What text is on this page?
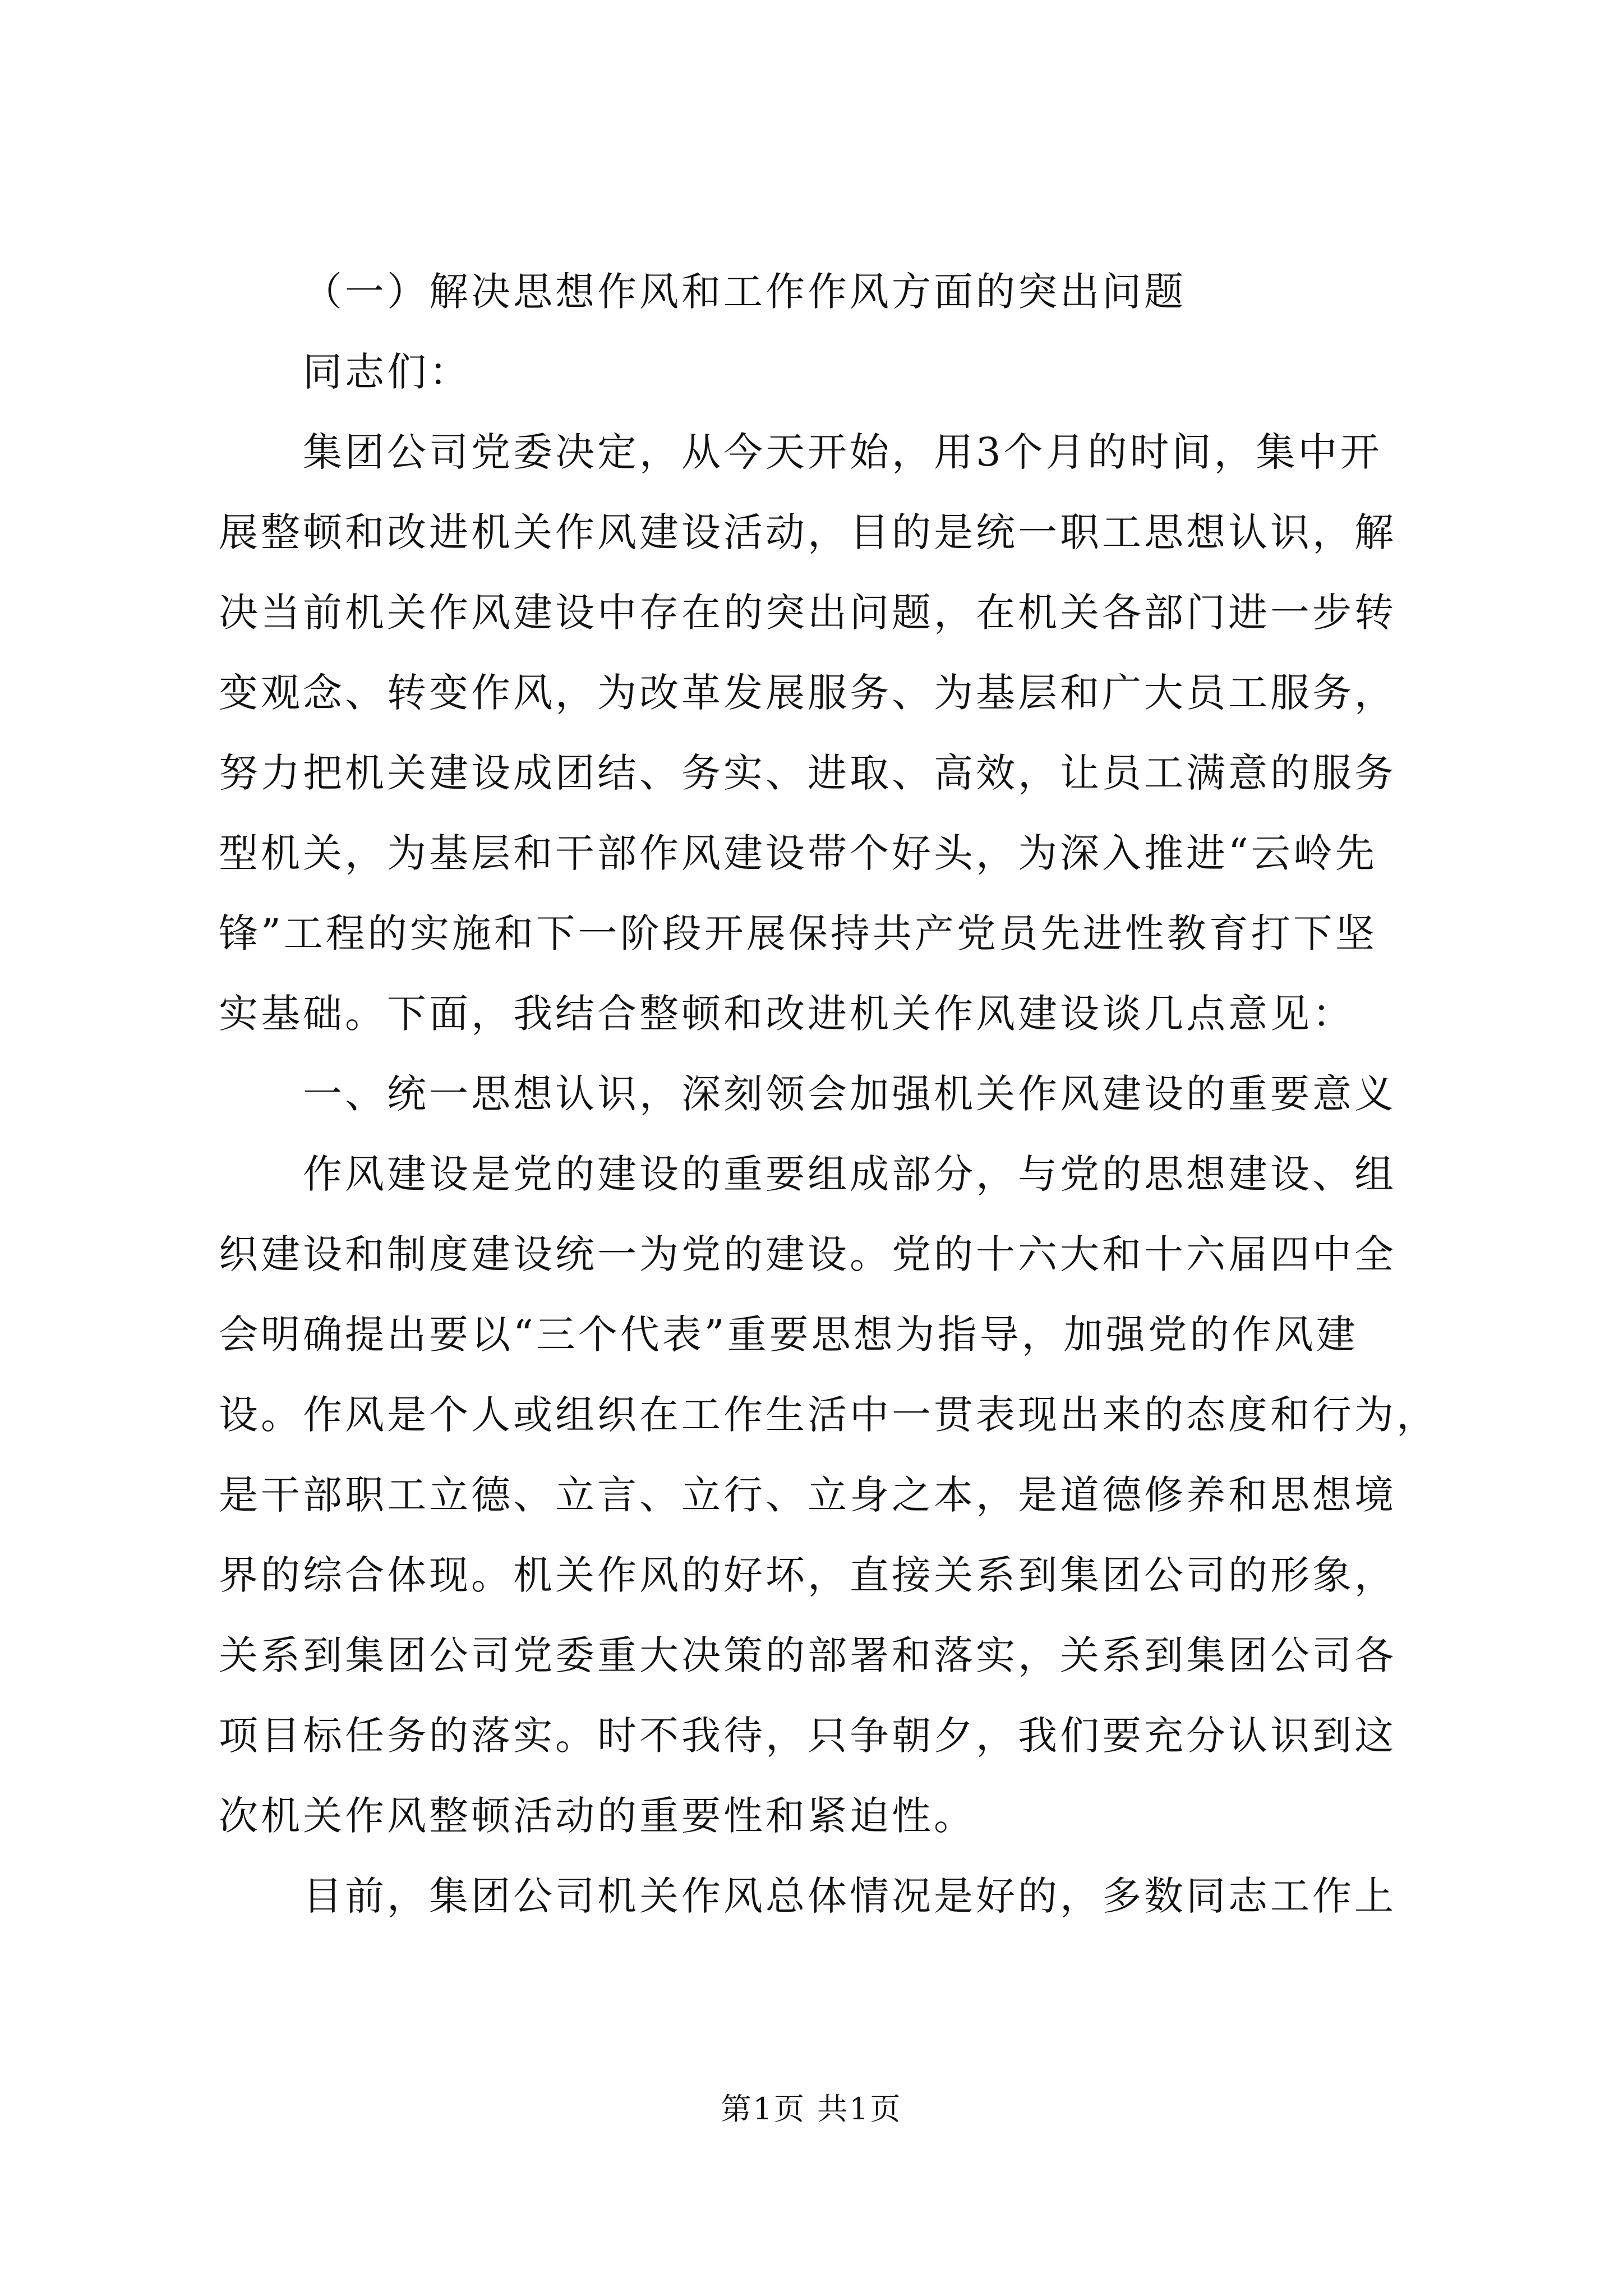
（一）解决思想作风和工作作风方面的突出问题

同志们：

集团公司党委决定，从今天开始，用3个月的时间，集中开

展整顿和改进机关作风建设活动，目的是统一职工思想认识，解

决当前机关作风建设中存在的突出问题，在机关各部门进一步转

变观念、转变作风，为改革发展服务、为基层和广大员工服务，

努力把机关建设成团结、务实、进取、高效，让员工满意的服务

型机关，为基层和干部作风建设带个好头，为深入推进“云岭先

锋”工程的实施和下一阶段开展保持共产党员先进性教育打下坚

实基础。下面，我结合整顿和改进机关作风建设谈几点意见：

一、统一思想认识，深刻领会加强机关作风建设的重要意义

作风建设是党的建设的重要组成部分，与党的思想建设、组

织建设和制度建设统一为党的建设。党的十六大和十六届四中全

会明确提出要以“三个代表”重要思想为指导，加强党的作风建

设。作风是个人或组织在工作生活中一贯表现出来的态度和行为，

是干部职工立德、立言、立行、立身之本，是道德修养和思想境

界的综合体现。机关作风的好坏，直接关系到集团公司的形象，

关系到集团公司党委重大决策的部署和落实，关系到集团公司各

项目标任务的落实。时不我待，只争朝夕，我们要充分认识到这

次机关作风整顿活动的重要性和紧迫性。

目前，集团公司机关作风总体情况是好的，多数同志工作上

第1页 共1页
